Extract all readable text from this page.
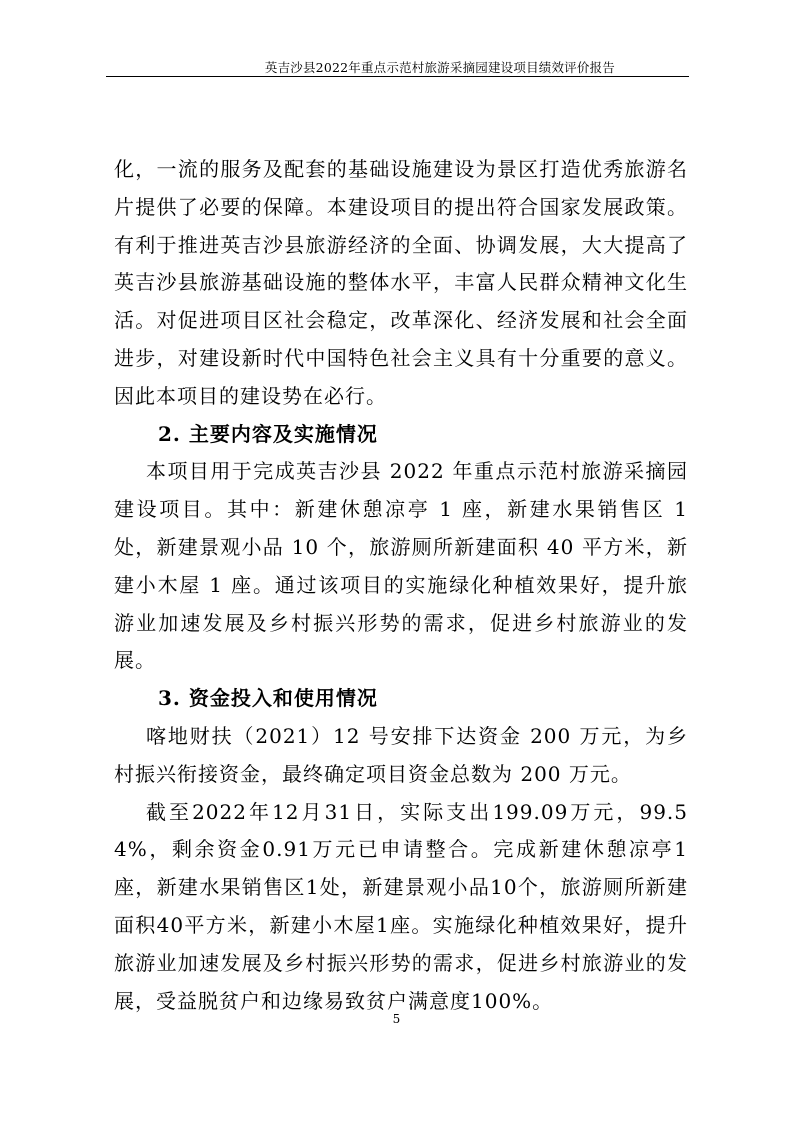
英吉沙县2022年重点示范村旅游采摘园建设项目绩效评价报告

化，一流的服务及配套的基础设施建设为景区打造优秀旅游名片提供了必要的保障。本建设项目的提出符合国家发展政策。有利于推进英吉沙县旅游经济的全面、协调发展，大大提高了英吉沙县旅游基础设施的整体水平，丰富人民群众精神文化生活。对促进项目区社会稳定，改革深化、经济发展和社会全面进步，对建设新时代中国特色社会主义具有十分重要的意义。因此本项目的建设势在必行。

2. 主要内容及实施情况

本项目用于完成英吉沙县 2022 年重点示范村旅游采摘园建设项目。其中：新建休憩凉亭 1 座，新建水果销售区 1 处，新建景观小品 10 个，旅游厕所新建面积 40 平方米，新建小木屋 1 座。通过该项目的实施绿化种植效果好，提升旅游业加速发展及乡村振兴形势的需求，促进乡村旅游业的发展。

3. 资金投入和使用情况

喀地财扶（2021）12 号安排下达资金 200 万元，为乡村振兴衔接资金，最终确定项目资金总数为 200 万元。

截至2022年12月31日，实际支出199.09万元，99.54%，剩余资金0.91万元已申请整合。完成新建休憩凉亭1座，新建水果销售区1处，新建景观小品10个，旅游厕所新建面积40平方米，新建小木屋1座。实施绿化种植效果好，提升旅游业加速发展及乡村振兴形势的需求，促进乡村旅游业的发展，受益脱贫户和边缘易致贫户满意度100%。

5
